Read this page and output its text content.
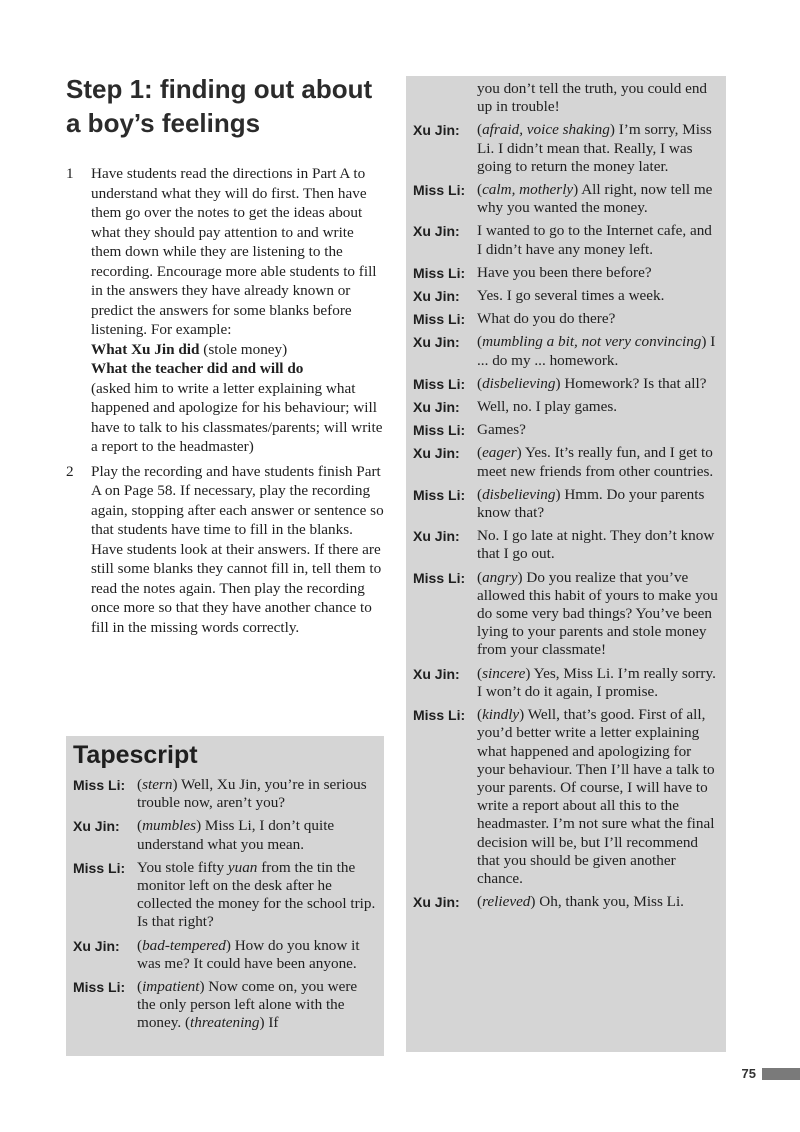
Step 1: finding out about a boy’s feelings
1 Have students read the directions in Part A to understand what they will do first. Then have them go over the notes to get the ideas about what they should pay attention to and write them down while they are listening to the recording. Encourage more able students to fill in the answers they have already known or predict the answers for some blanks before listening. For example:

What Xu Jin did (stole money)

What the teacher did and will do
(asked him to write a letter explaining what happened and apologize for his behaviour; will have to talk to his classmates/parents; will write a report to the headmaster)

2 Play the recording and have students finish Part A on Page 58. If necessary, play the recording again, stopping after each answer or sentence so that students have time to fill in the blanks. Have students look at their answers. If there are still some blanks they cannot fill in, tell them to read the notes again. Then play the recording once more so that they have another chance to fill in the missing words correctly.

Tapescript
Miss Li: (stern) Well, Xu Jin, you’re in serious trouble now, aren’t you?
Xu Jin:	(mumbles) Miss Li, I don’t quite understand what you mean.
Miss Li: You stole fifty yuan from the tin the monitor left on the desk after he collected the money for the school trip. Is that right?
Xu Jin:	(bad-tempered) How do you know it was me? It could have been anyone.
Miss Li: (impatient) Now come on, you were the only person left alone with the money. (threatening) If
you don’t tell the truth, you could end up in trouble!
Xu Jin:	(afraid, voice shaking) I’m sorry, Miss Li. I didn’t mean that. Really, I was going to return the money later.
Miss Li: (calm, motherly) All right, now tell me why you wanted the money.
Xu Jin:	I wanted to go to the Internet cafe, and I didn’t have any money left.
Miss Li: Have you been there before?
Xu Jin:	Yes. I go several times a week.
Miss Li: What do you do there?
Xu Jin:	(mumbling a bit, not very convincing) I ... do my ... homework.
Miss Li: (disbelieving) Homework? Is that all?
Xu Jin:	Well, no. I play games.
Miss Li: Games?
Xu Jin:	(eager) Yes. It’s really fun, and I get to meet new friends from other countries.
Miss Li: (disbelieving) Hmm. Do your parents know that?
Xu Jin:	No. I go late at night. They don’t know that I go out.
Miss Li: (angry) Do you realize that you’ve allowed this habit of yours to make you do some very bad things? You’ve been lying to your parents and stole money from your classmate!
Xu Jin:	(sincere) Yes, Miss Li. I’m really sorry. I won’t do it again, I promise.
Miss Li: (kindly) Well, that’s good. First of all, you’d better write a letter explaining what happened and apologizing for your behaviour. Then I’ll have a talk to your parents. Of course, I will have to write a report about all this to the headmaster. I’m not sure what the final decision will be, but I’ll recommend that you should be given another chance.
Xu Jin:	(relieved) Oh, thank you, Miss Li.
75
